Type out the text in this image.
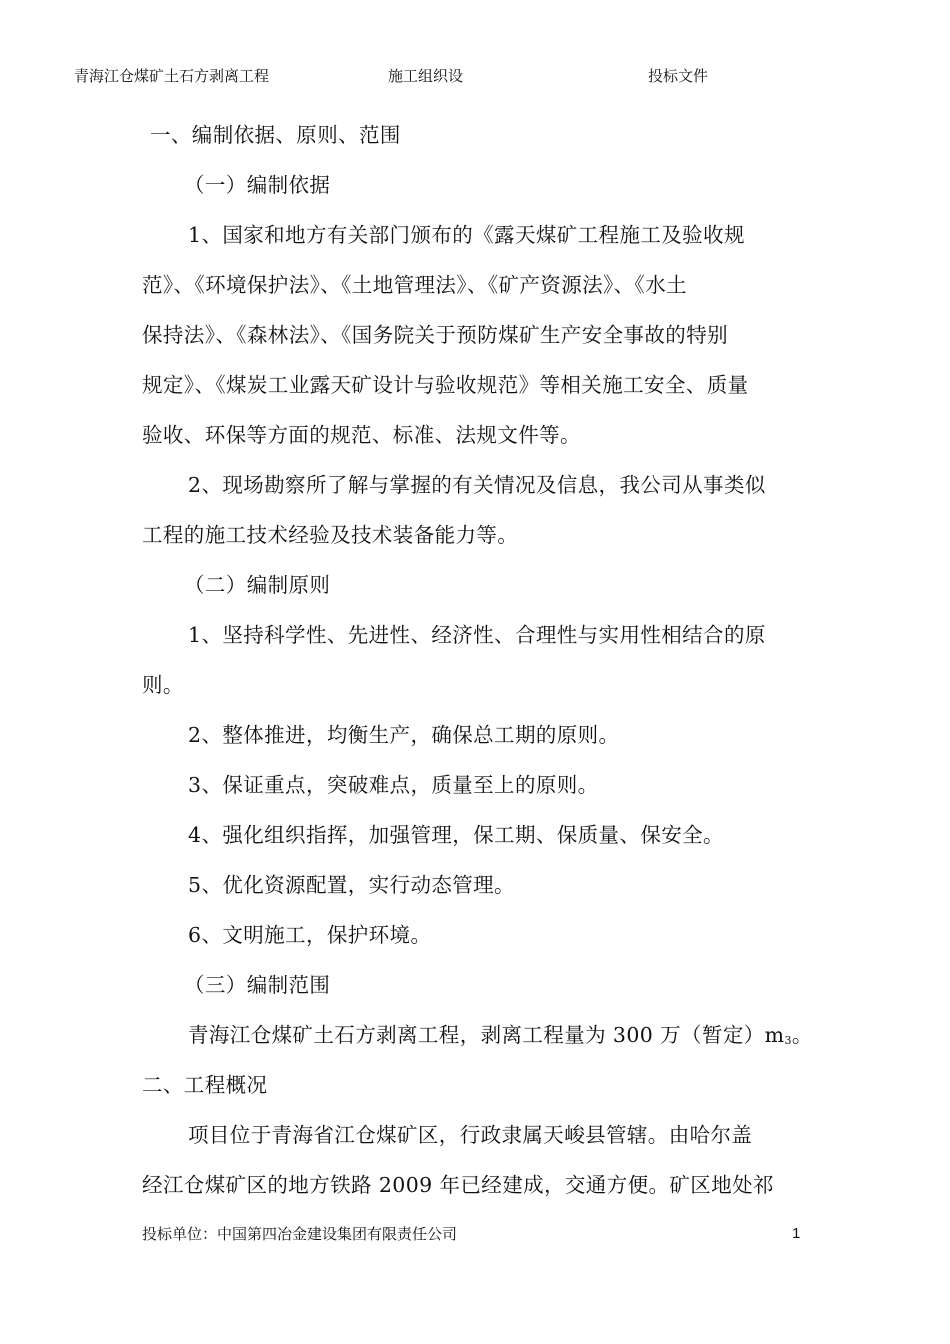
青海江仓煤矿土石方剥离工程	施工组织设	投标文件
一、编制依据、原则、范围
（一）编制依据
1、国家和地方有关部门颁布的《露天煤矿工程施工及验收规
范》、《环境保护法》、《土地管理法》、《矿产资源法》、《水土
保持法》、《森林法》、《国务院关于预防煤矿生产安全事故的特别
规定》、《煤炭工业露天矿设计与验收规范》等相关施工安全、质量
验收、环保等方面的规范、标准、法规文件等。
2、现场勘察所了解与掌握的有关情况及信息，我公司从事类似
工程的施工技术经验及技术装备能力等。
（二）编制原则
1、坚持科学性、先进性、经济性、合理性与实用性相结合的原
则。
2、整体推进，均衡生产，确保总工期的原则。
3、保证重点，突破难点，质量至上的原则。
4、强化组织指挥，加强管理，保工期、保质量、保安全。
5、优化资源配置，实行动态管理。
6、文明施工，保护环境。
（三）编制范围
青海江仓煤矿土石方剥离工程，剥离工程量为 300 万（暂定）m3。
二、工程概况
项目位于青海省江仓煤矿区，行政隶属天峻县管辖。由哈尔盖
经江仓煤矿区的地方铁路 2009 年已经建成，交通方便。矿区地处祁
投标单位：中国第四冶金建设集团有限责任公司	1
